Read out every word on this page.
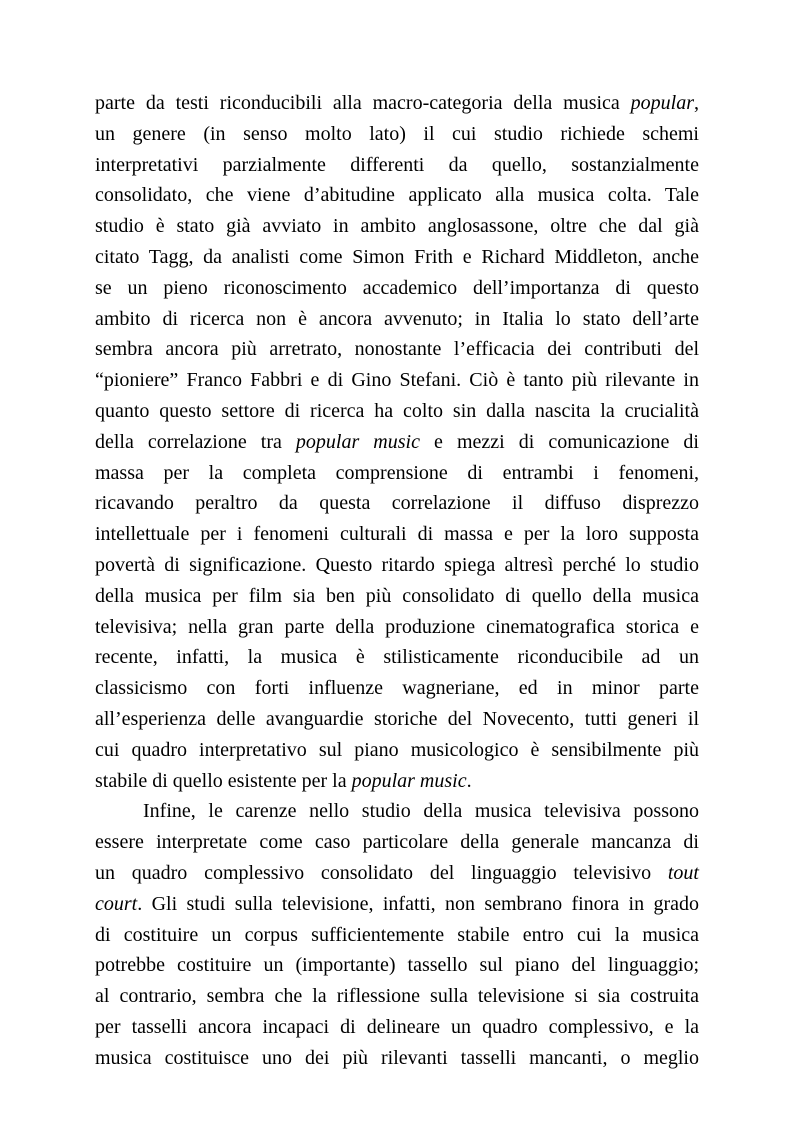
parte da testi riconducibili alla macro-categoria della musica popular,
un genere (in senso molto lato) il cui studio richiede schemi
interpretativi parzialmente differenti da quello, sostanzialmente
consolidato, che viene d’abitudine applicato alla musica colta. Tale
studio è stato già avviato in ambito anglosassone, oltre che dal già
citato Tagg, da analisti come Simon Frith e Richard Middleton, anche
se un pieno riconoscimento accademico dell’importanza di questo
ambito di ricerca non è ancora avvenuto; in Italia lo stato dell’arte
sembra ancora più arretrato, nonostante l’efficacia dei contributi del
“pioniere” Franco Fabbri e di Gino Stefani. Ciò è tanto più rilevante in
quanto questo settore di ricerca ha colto sin dalla nascita la crucialità
della correlazione tra popular music e mezzi di comunicazione di
massa per la completa comprensione di entrambi i fenomeni,
ricavando peraltro da questa correlazione il diffuso disprezzo
intellettuale per i fenomeni culturali di massa e per la loro supposta
povertà di significazione. Questo ritardo spiega altresì perché lo studio
della musica per film sia ben più consolidato di quello della musica
televisiva; nella gran parte della produzione cinematografica storica e
recente, infatti, la musica è stilisticamente riconducibile ad un
classicismo con forti influenze wagneriane, ed in minor parte
all’esperienza delle avanguardie storiche del Novecento, tutti generi il
cui quadro interpretativo sul piano musicologico è sensibilmente più
stabile di quello esistente per la popular music.
Infine, le carenze nello studio della musica televisiva possono
essere interpretate come caso particolare della generale mancanza di
un quadro complessivo consolidato del linguaggio televisivo tout
court. Gli studi sulla televisione, infatti, non sembrano finora in grado
di costituire un corpus sufficientemente stabile entro cui la musica
potrebbe costituire un (importante) tassello sul piano del linguaggio;
al contrario, sembra che la riflessione sulla televisione si sia costruita
per tasselli ancora incapaci di delineare un quadro complessivo, e la
musica costituisce uno dei più rilevanti tasselli mancanti, o meglio
